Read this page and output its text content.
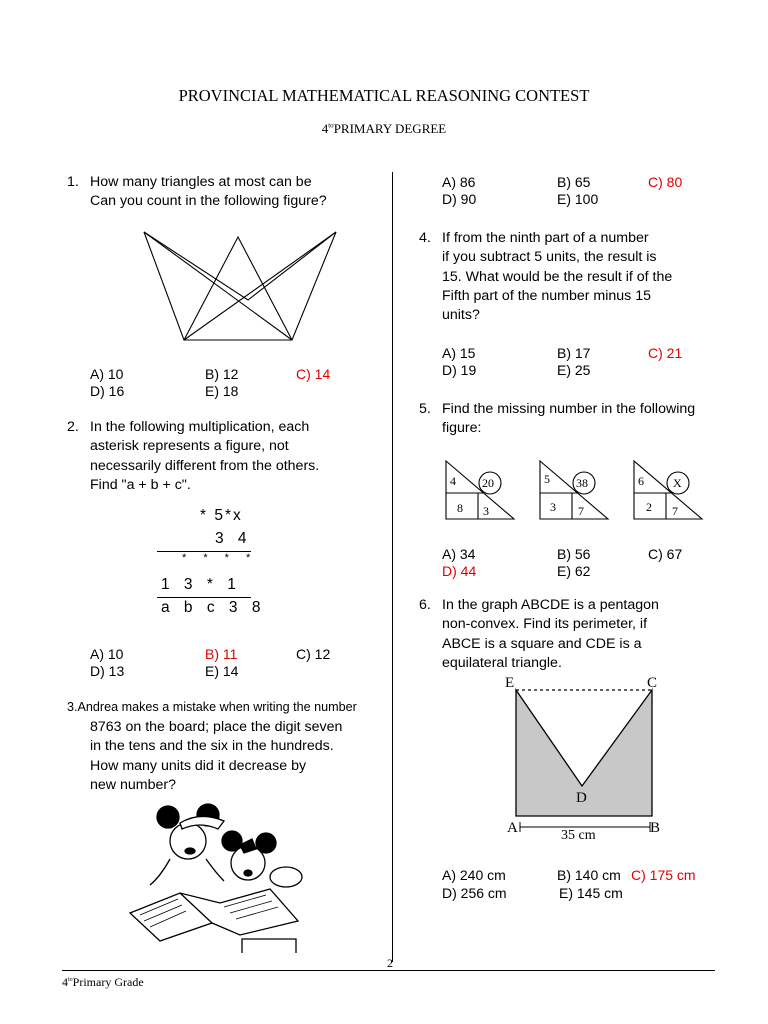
PROVINCIAL MATHEMATICAL REASONING CONTEST
$4^{to}PRIMARY$ DEGREE
1. How many triangles at most can be
Can you count in the following figure?
A) 10	B) 12	C) 14
D) 16	E) 18
2. In the following multiplication, each
asterisk represents a figure, not
necessarily different from the others.
Find "a + b + c".
* 5*x
3 4
* * * *
1 3 * 1
a b c 3 8
A) 10	B) 11	C) 12
D) 13	E) 14
3.Andrea makes a mistake when writing the number
8763 on the board; place the digit seven
in the tens and the six in the hundreds.
How many units did it decrease by
new number?
A) 86	B) 65	C) 80
D) 90	E) 100
4. If from the ninth part of a number
if you subtract 5 units, the result is
15. What would be the result if of the
Fifth part of the number minus 15
units?
A) 15	B) 17	C) 21
D) 19	E) 25
5. Find the missing number in the following
figure:
4 20
8 3
5 38
3 7
6 X
2 7
A) 34	B) 56	C) 67
D) 44	E) 62
6. In the graph ABCDE is a pentagon
non-convex. Find its perimeter, if
ABCE is a square and CDE is a
equilateral triangle.
E	C
D
A	B
35 cm
A) 240 cm	B) 140 cm C) 175 cm
D) 256 cm	E) 145 cm
2
$4^{to}Primary$ Grade
